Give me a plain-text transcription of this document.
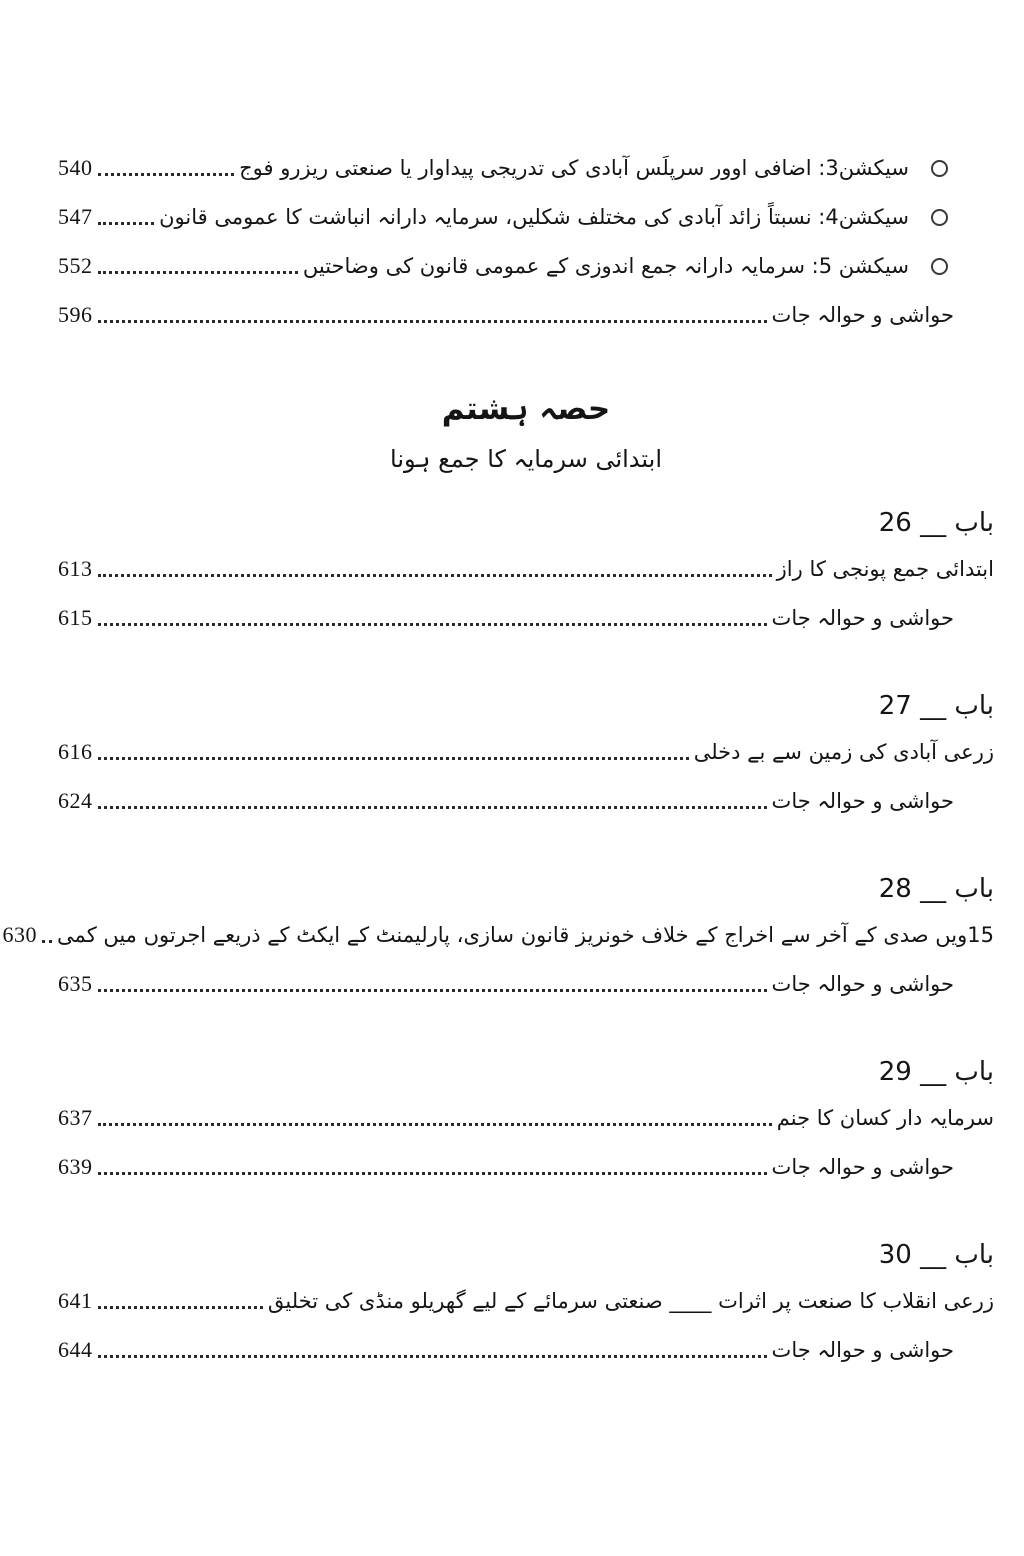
سیکشن3: اضافی اوور سرپلَس آبادی کی تدریجی پیداوار یا صنعتی ریزرو فوج
540
سیکشن4: نسبتاً زائد آبادی کی مختلف شکلیں، سرمایہ دارانہ انباشت کا عمومی قانون
547
سیکشن 5: سرمایہ دارانہ جمع اندوزی کے عمومی قانون کی وضاحتیں
552
حواشی و حوالہ جات
596
حصہ ہشتم
ابتدائی سرمایہ کا جمع ہونا
باب __ 26
ابتدائی جمع پونجی کا راز
613
حواشی و حوالہ جات
615
باب __ 27
زرعی آبادی کی زمین سے بے دخلی
616
حواشی و حوالہ جات
624
باب __ 28
15ویں صدی کے آخر سے اخراج کے خلاف خونریز قانون سازی، پارلیمنٹ کے ایکٹ کے ذریعے اجرتوں میں کمی
630
حواشی و حوالہ جات
635
باب __ 29
سرمایہ دار کسان کا جنم
637
حواشی و حوالہ جات
639
باب __ 30
زرعی انقلاب کا صنعت پر اثرات ____ صنعتی سرمائے کے لیے گھریلو منڈی کی تخلیق
641
حواشی و حوالہ جات
644
